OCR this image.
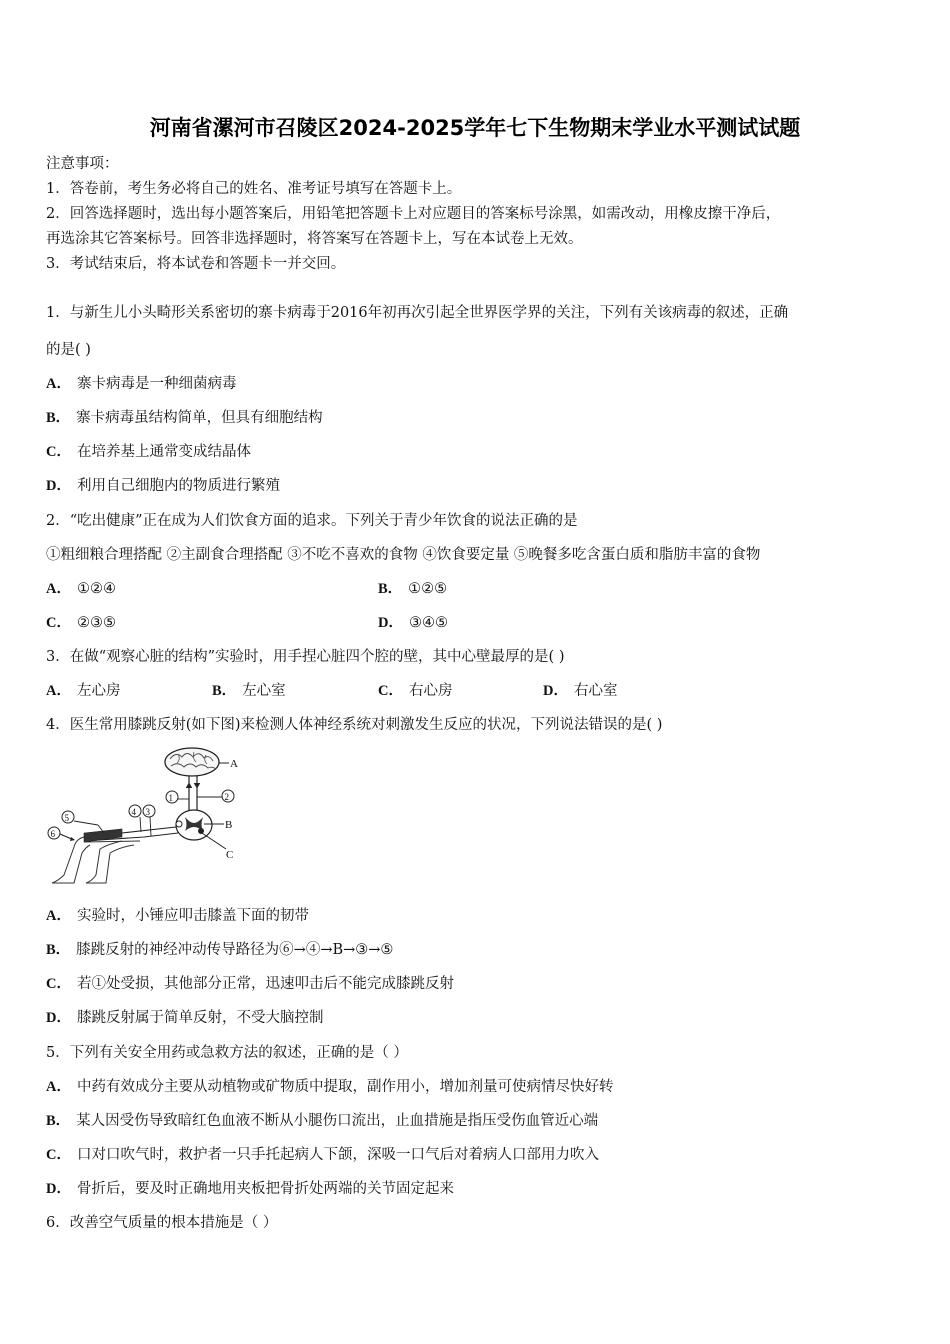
河南省漯河市召陵区2024-2025学年七下生物期末学业水平测试试题
注意事项：
1．答卷前，考生务必将自己的姓名、准考证号填写在答题卡上。
2．回答选择题时，选出每小题答案后，用铅笔把答题卡上对应题目的答案标号涂黑，如需改动，用橡皮擦干净后，
再选涂其它答案标号。回答非选择题时，将答案写在答题卡上，写在本试卷上无效。
3．考试结束后，将本试卷和答题卡一并交回。
1．与新生儿小头畸形关系密切的寨卡病毒于2016年初再次引起全世界医学界的关注，下列有关该病毒的叙述，正确
的是( )
A． 寨卡病毒是一种细菌病毒
B． 寨卡病毒虽结构简单，但具有细胞结构
C． 在培养基上通常变成结晶体
D． 利用自己细胞内的物质进行繁殖
2．“吃出健康”正在成为人们饮食方面的追求。下列关于青少年饮食的说法正确的是
①粗细粮合理搭配 ②主副食合理搭配 ③不吃不喜欢的食物 ④饮食要定量 ⑤晚餐多吃含蛋白质和脂肪丰富的食物
A． ①②④	B． ①②⑤
C． ②③⑤	D． ③④⑤
3．在做“观察心脏的结构”实验时，用手捏心脏四个腔的壁，其中心壁最厚的是( )
A． 左心房	B． 左心室	C． 右心房	D． 右心室
4．医生常用膝跳反射(如下图)来检测人体神经系统对刺激发生反应的状况，下列说法错误的是( )
A
1	2
B
C
4 3
5
6
A． 实验时，小锤应叩击膝盖下面的韧带
B． 膝跳反射的神经冲动传导路径为⑥→④→B→③→⑤
C． 若①处受损，其他部分正常，迅速叩击后不能完成膝跳反射
D． 膝跳反射属于简单反射，不受大脑控制
5．下列有关安全用药或急救方法的叙述，正确的是（ ）
A． 中药有效成分主要从动植物或矿物质中提取，副作用小，增加剂量可使病情尽快好转
B． 某人因受伤导致暗红色血液不断从小腿伤口流出，止血措施是指压受伤血管近心端
C． 口对口吹气时，救护者一只手托起病人下颌，深吸一口气后对着病人口部用力吹入
D． 骨折后，要及时正确地用夹板把骨折处两端的关节固定起来
6．改善空气质量的根本措施是（ ）
